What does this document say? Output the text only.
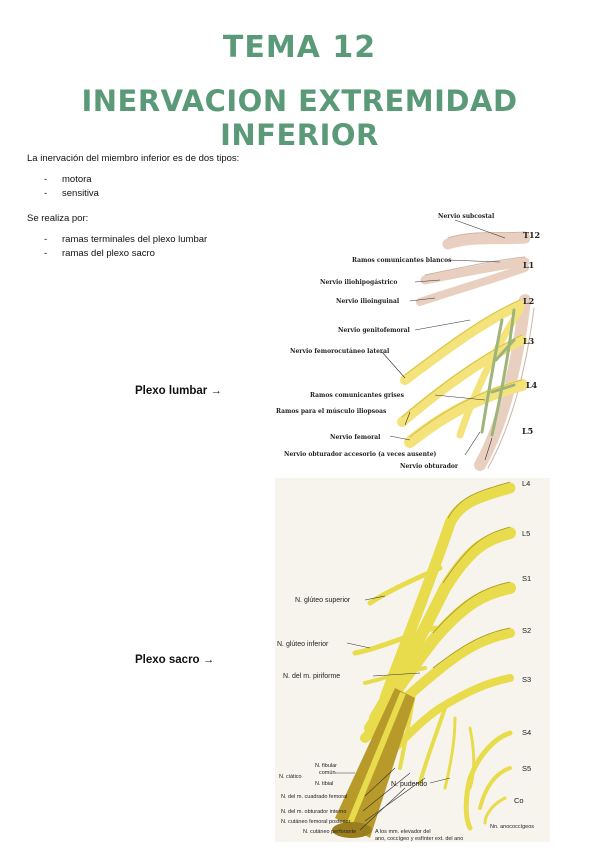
TEMA 12
INERVACION EXTREMIDAD INFERIOR
La inervación del miembro inferior es de dos tipos:
- motora
- sensitiva
Se realiza por:
- ramas terminales del plexo lumbar
- ramas del plexo sacro
Plexo lumbar →
Plexo sacro →
Nervio subcostal
Ramos comunicantes blancos
Nervio iliohipogástrico
Nervio ilioinguinal
Nervio genitofemoral
Nervio femorocutáneo lateral
Ramos comunicantes grises
Ramos para el músculo iliopsoas
Nervio femoral
Nervio obturador accesorio (a veces ausente)
Nervio obturador
T12
L1
L2
L3
L4
L5
N. glúteo superior
N. glúteo inferior
N. del m. piriforme
N. ciático
N. fibular
común
N. tibial
N. del m. cuadrado femoral
N. del m. obturador interno
N. cutáneo femoral posterior
N. cutáneo perforante
N. pudendo
A los mm. elevador del
ano, coccígeo y esfínter ext. del ano
Nn. anococcígeos
L4
L5
S1
S2
S3
S4
S5
Co
